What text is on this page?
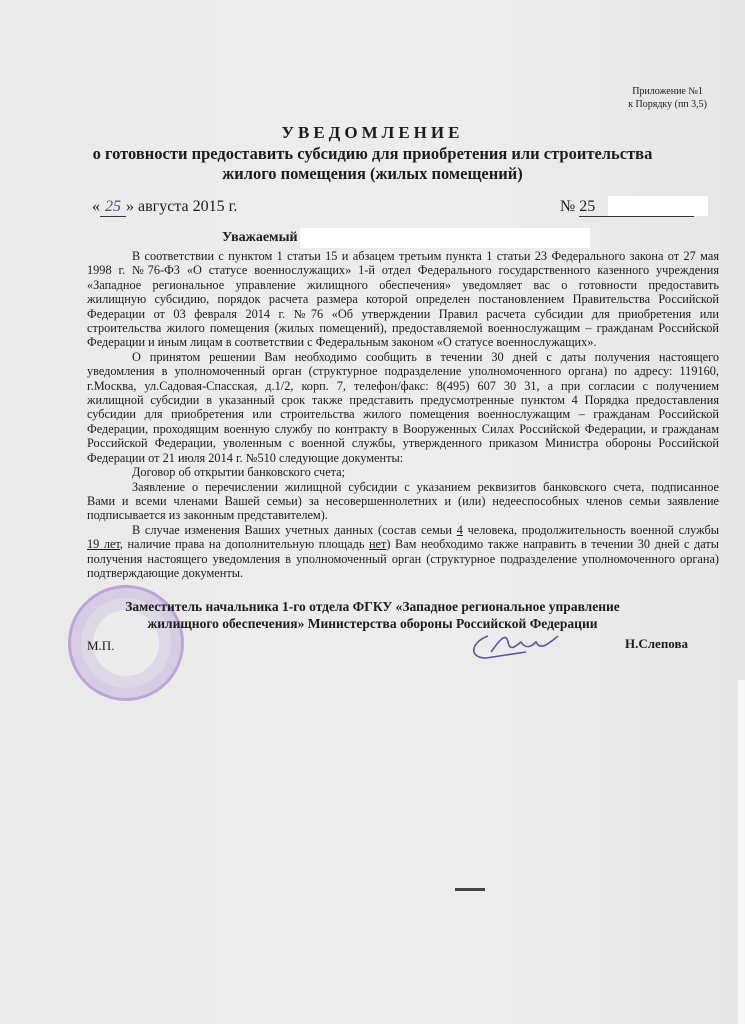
Приложение №1
к Порядку (пп 3,5)
УВЕДОМЛЕНИЕ
о готовности предоставить субсидию для приобретения или строительства
жилого помещения (жилых помещений)
« 25 » августа 2015 г.	№ 25
Уважаемый
В соответствии с пунктом 1 статьи 15 и абзацем третьим пункта 1 статьи 23 Федерального закона от 27 мая
1998 г. №76-ФЗ «О статусе военнослужащих» 1-й отдел Федерального государственного казенного учреждения
«Западное региональное управление жилищного обеспечения» уведомляет вас о готовности предоставить
жилищную субсидию, порядок расчета размера которой определен постановлением Правительства Российской
Федерации от 03 февраля 2014 г. №76 «Об утверждении Правил расчета субсидии для приобретения или
строительства жилого помещения (жилых помещений), предоставляемой военнослужащим – гражданам Российской
Федерации и иным лицам в соответствии с Федеральным законом «О статусе военнослужащих».
О принятом решении Вам необходимо сообщить в течении 30 дней с даты получения настоящего
уведомления в уполномоченный орган (структурное подразделение уполномоченного органа) по адресу: 119160,
г.Москва, ул.Садовая-Спасская, д.1/2, корп. 7, телефон/факс: 8(495) 607 30 31, а при согласии с получением
жилищной субсидии в указанный срок также представить предусмотренные пунктом 4 Порядка предоставления
субсидии для приобретения или строительства жилого помещения военнослужащим – гражданам Российской
Федерации, проходящим военную службу по контракту в Вооруженных Силах Российской Федерации, и гражданам
Российской Федерации, уволенным с военной службы, утвержденного приказом Министра обороны Российской
Федерации от 21 июля 2014 г. №510 следующие документы:
Договор об открытии банковского счета;
Заявление о перечислении жилищной субсидии с указанием реквизитов банковского счета, подписанное
Вами и всеми членами Вашей семьи) за несовершеннолетних и (или) недееспособных членов семьи заявление
подписывается из законным представителем).
В случае изменения Ваших учетных данных (состав семьи 4 человека, продолжительность военной службы
19 лет, наличие права на дополнительную площадь нет) Вам необходимо также направить в течении 30 дней с даты
получения настоящего уведомления в уполномоченный орган (структурное подразделение уполномоченного органа)
подтверждающие документы.
Заместитель начальника 1-го отдела ФГКУ «Западное региональное управление
жилищного обеспечения» Министерства обороны Российской Федерации
М.П.	Н.Слепова
